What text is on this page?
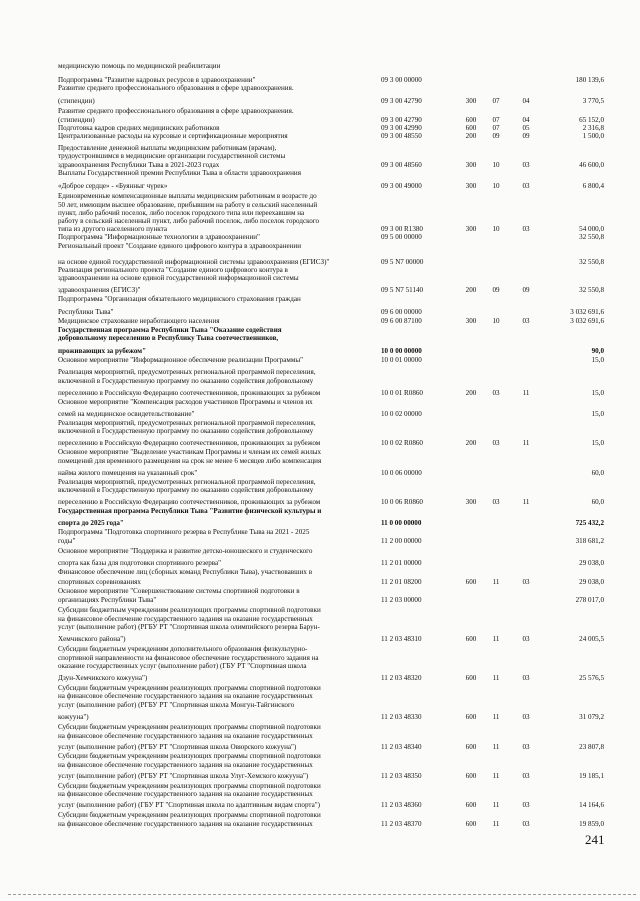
медицинскую помощь по медицинской реабилитации
Подпрограмма "Развитие кадровых ресурсов в здравоохранении"	09 3 00 00000	180 139,6
Развитие среднего профессионального образования в сфере здравоохранения.
(стипендии)	09 3 00 42790	300	07	04	3 770,5
Развитие среднего профессионального образования в сфере здравоохранения.
(стипендии)	09 3 00 42790	600	07	04	65 152,0
Подготовка кадров средних медицинских работников	09 3 00 42990	600	07	05	2 316,8
Централизованные расходы на курсовые и сертификационные мероприятия	09 3 00 48550	200	09	09	1 500,0
Предоставление денежной выплаты медицинским работникам (врачам),
трудоустроившимся в медицинские организации государственной системы
здравоохранения Республики Тыва в 2021-2023 годах	09 3 00 48560	300	10	03	46 600,0
Выплаты Государственной премии Республики Тыва в области здравоохранения
«Доброе сердце» - «Буянныг чүрек»	09 3 00 49000	300	10	03	6 800,4
Единовременные компенсационные выплаты медицинским работникам в возрасте до
50 лет, имеющим высшее образование, прибывшим на работу в сельский населенный
пункт, либо рабочий поселок, либо поселок городского типа или переехавшим на
работу в сельский населенный пункт, либо рабочий поселок, либо поселок городского
типа из другого населенного пункта	09 3 00 R1380	300	10	03	54 000,0
Подпрограмма "Информационные технологии в здравоохранении"	09 5 00 00000	32 550,8
Региональный проект "Создание единого цифрового контура в здравоохранении
на основе единой государственной информационной системы здравоохранения (ЕГИСЗ)"	09 5 N7 00000	32 550,8
Реализация регионального проекта "Создание единого цифрового контура в
здравоохранении на основе единой государственной информационной системы
здравоохранения (ЕГИСЗ)"	09 5 N7 51140	200	09	09	32 550,8
Подпрограмма "Организация обязательного медицинского страхования граждан
Республики Тыва"	09 6 00 00000	3 032 691,6
Медицинское страхование неработающего населения	09 6 00 87100	300	10	03	3 032 691,6
Государственная программа Республики Тыва "Оказание содействия
добровольному переселению в Республику Тыва соотечественников,
проживающих за рубежом"	10 0 00 00000	90,0
Основное мероприятие "Информационное обеспечение реализации Программы"	10 0 01 00000	15,0
Реализация мероприятий, предусмотренных региональной программой переселения,
включенной в Государственную программу по оказанию содействия добровольному
переселению в Российскую Федерацию соотечественников, проживающих за рубежом	10 0 01 R0860	200	03	11	15,0
Основное мероприятие "Компенсация расходов участников Программы и членов их
семей на медицинское освидетельствование"	10 0 02 00000	15,0
Реализация мероприятий, предусмотренных региональной программой переселения,
включенной в Государственную программу по оказанию содействия добровольному
переселению в Российскую Федерацию соотечественников, проживающих за рубежом	10 0 02 R0860	200	03	11	15,0
Основное мероприятие "Выделение участникам Программы и членам их семей жилых
помещений для временного размещения на срок не менее 6 месяцев либо компенсация
найма жилого помещения на указанный срок"	10 0 06 00000	60,0
Реализация мероприятий, предусмотренных региональной программой переселения,
включенной в Государственную программу по оказанию содействия добровольному
переселению в Российскую Федерацию соотечественников, проживающих за рубежом	10 0 06 R0860	300	03	11	60,0
Государственная программа Республики Тыва "Развитие физической культуры и
спорта до 2025 года"	11 0 00 00000	725 432,2
Подпрограмма "Подготовка спортивного резерва в Республике Тыва на 2021 - 2025
годы"	11 2 00 00000	318 681,2
Основное мероприятие "Поддержка и развитие детско-юношеского и студенческого
спорта как базы для подготовки спортивного резерва"	11 2 01 00000	29 038,0
Финансовое обеспечение лиц (сборных команд Республики Тыва), участвовавших в
спортивных соревнованиях	11 2 01 08200	600	11	03	29 038,0
Основное мероприятие "Совершенствование системы спортивной подготовки в
организациях Республики Тыва"	11 2 03 00000	278 017,0
Субсидии бюджетным учреждениям реализующих программы спортивной подготовки
на финансовое обеспечение государственного задания на оказание государственных
услуг (выполнение работ) (РГБУ РТ "Спортивная школа олимпийского резерва Барун-
Хемчикского района")	11 2 03 48310	600	11	03	24 005,5
Субсидии бюджетным учреждениям дополнительного образования физкультурно-
спортивной направленности на финансовое обеспечение государственного задания на
оказание государственных услуг (выполнение работ) (ГБУ РТ "Спортивная школа
Дзун-Хемчикского кожууна")	11 2 03 48320	600	11	03	25 576,5
Субсидии бюджетным учреждениям реализующих программы спортивной подготовки
на финансовое обеспечение государственного задания на оказание государственных
услуг (выполнение работ) (РГБУ РТ "Спортивная школа Монгун-Тайгинского
кожууна")	11 2 03 48330	600	11	03	31 079,2
Субсидии бюджетным учреждениям реализующих программы спортивной подготовки
на финансовое обеспечение государственного задания на оказание государственных
услуг (выполнение работ) (РГБУ РТ "Спортивная школа Овюрского кожууна")	11 2 03 48340	600	11	03	23 807,8
Субсидии бюджетным учреждениям реализующих программы спортивной подготовки
на финансовое обеспечение государственного задания на оказание государственных
услуг (выполнение работ) (РГБУ РТ "Спортивная школа Улуг-Хемского кожууна")	11 2 03 48350	600	11	03	19 185,1
Субсидии бюджетным учреждениям реализующих программы спортивной подготовки
на финансовое обеспечение государственного задания на оказание государственных
услуг (выполнение работ) (ГБУ РТ "Спортивная школа по адаптивным видам спорта")	11 2 03 48360	600	11	03	14 164,6
Субсидии бюджетным учреждениям реализующих программы спортивной подготовки
на финансовое обеспечение государственного задания на оказание государственных	11 2 03 48370	600	11	03	19 859,0
241
